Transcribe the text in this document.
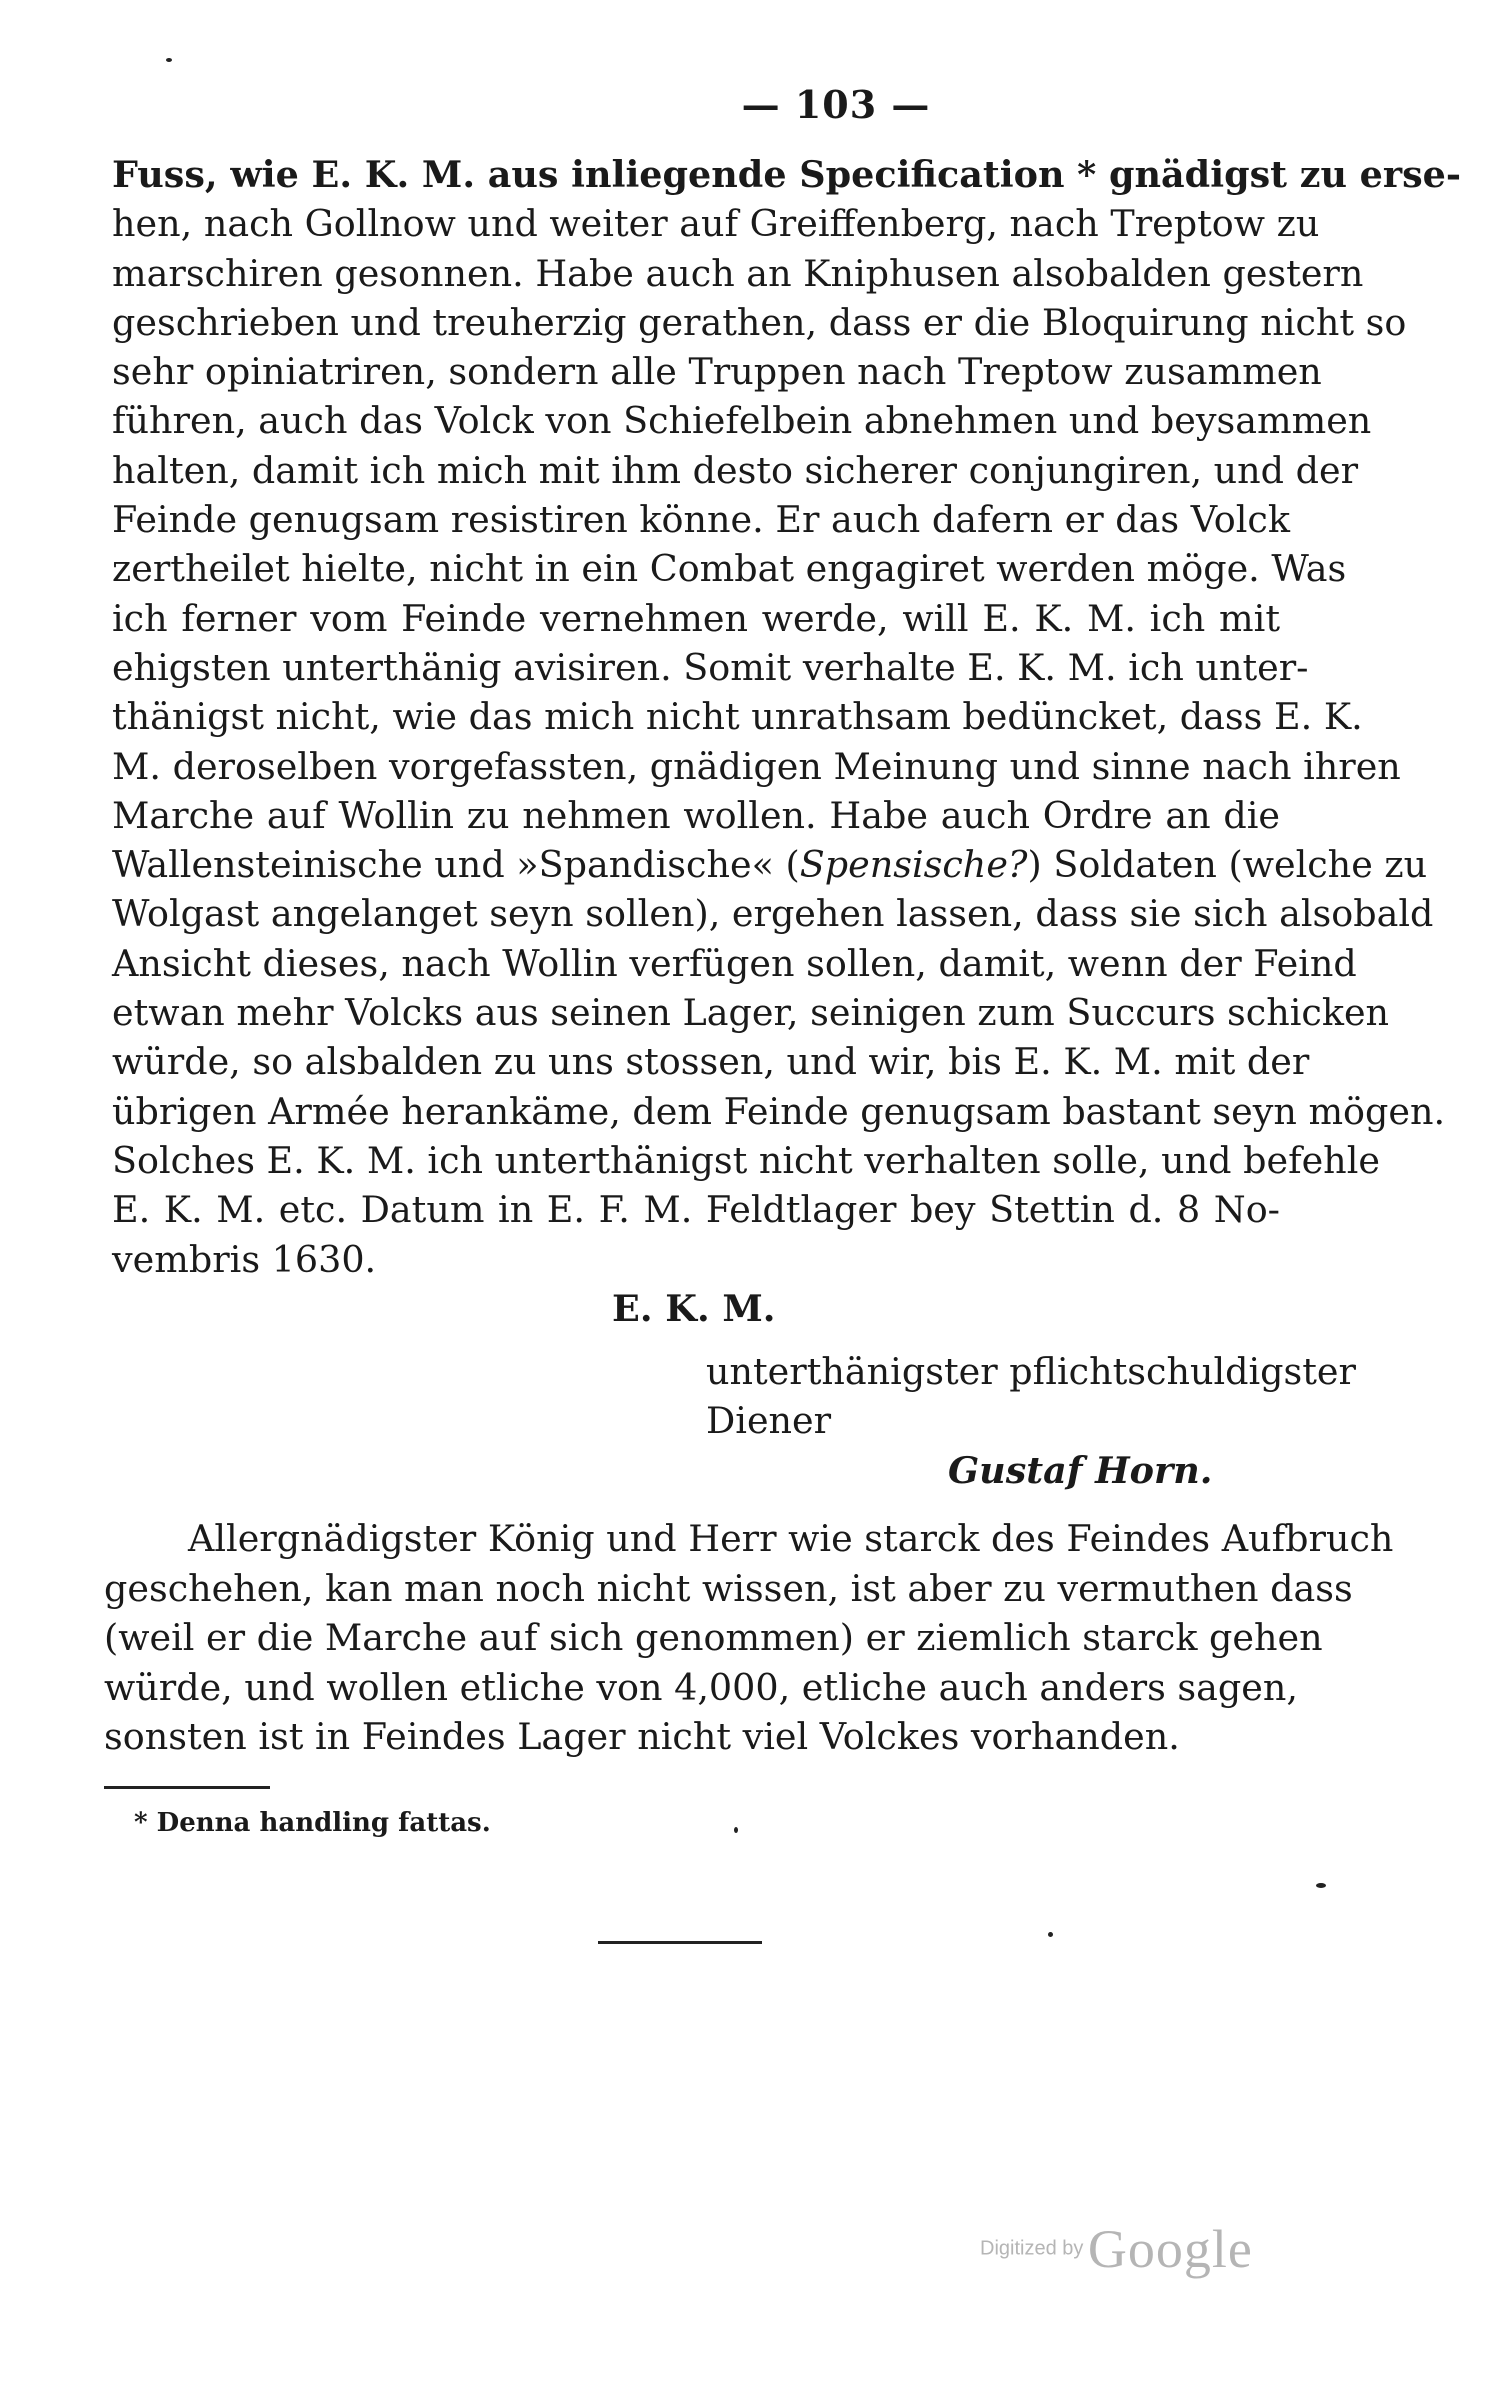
— 103 —
Fuss, wie E. K. M. aus inliegende Specification * gnädigst zu erse-
hen, nach Gollnow und weiter auf Greiffenberg, nach Treptow zu
marschiren gesonnen. Habe auch an Kniphusen alsobalden gestern
geschrieben und treuherzig gerathen, dass er die Bloquirung nicht so
sehr opiniatriren, sondern alle Truppen nach Treptow zusammen
führen, auch das Volck von Schiefelbein abnehmen und beysammen
halten, damit ich mich mit ihm desto sicherer conjungiren, und der
Feinde genugsam resistiren könne. Er auch dafern er das Volck
zertheilet hielte, nicht in ein Combat engagiret werden möge. Was
ich ferner vom Feinde vernehmen werde, will E. K. M. ich mit
ehigsten unterthänig avisiren. Somit verhalte E. K. M. ich unter-
thänigst nicht, wie das mich nicht unrathsam bedüncket, dass E. K.
M. deroselben vorgefassten, gnädigen Meinung und sinne nach ihren
Marche auf Wollin zu nehmen wollen. Habe auch Ordre an die
Wallensteinische und »Spandische« (Spensische?) Soldaten (welche zu
Wolgast angelanget seyn sollen), ergehen lassen, dass sie sich alsobald
Ansicht dieses, nach Wollin verfügen sollen, damit, wenn der Feind
etwan mehr Volcks aus seinen Lager, seinigen zum Succurs schicken
würde, so alsbalden zu uns stossen, und wir, bis E. K. M. mit der
übrigen Armée herankäme, dem Feinde genugsam bastant seyn mögen.
Solches E. K. M. ich unterthänigst nicht verhalten solle, und befehle
E. K. M. etc. Datum in E. F. M. Feldtlager bey Stettin d. 8 No-
vembris 1630.
E. K. M.
unterthänigster pflichtschuldigster
Diener
Gustaf Horn.
Allergnädigster König und Herr wie starck des Feindes Aufbruch
geschehen, kan man noch nicht wissen, ist aber zu vermuthen dass
(weil er die Marche auf sich genommen) er ziemlich starck gehen
würde, und wollen etliche von 4,000, etliche auch anders sagen,
sonsten ist in Feindes Lager nicht viel Volckes vorhanden.
* Denna handling fattas.
Digitized by Google
